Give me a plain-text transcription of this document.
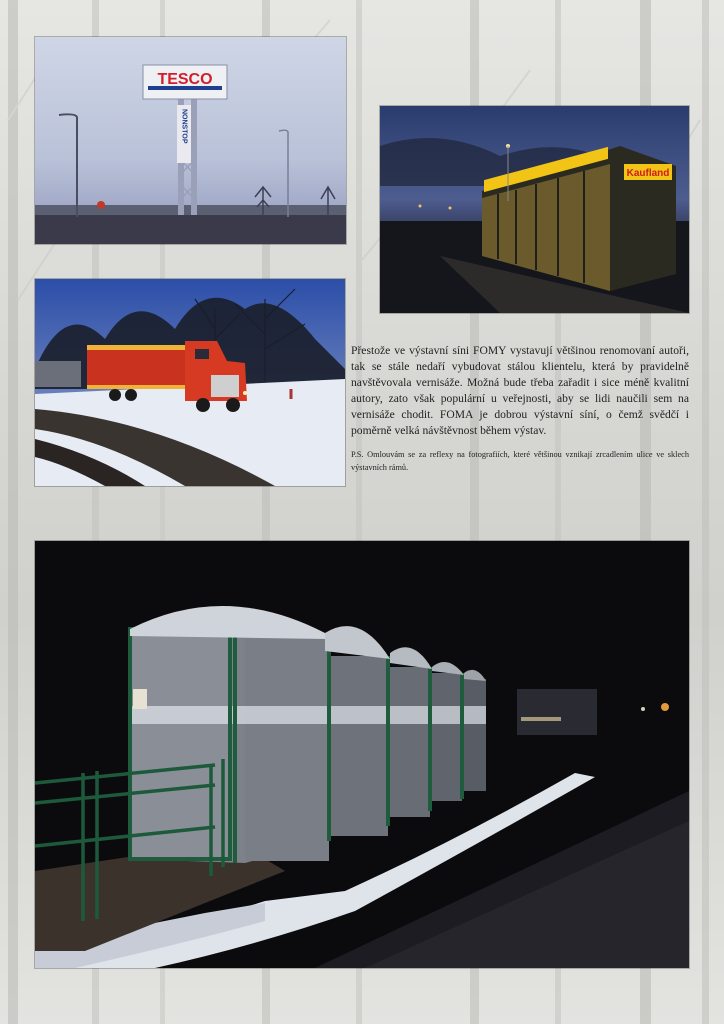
NONSTOP
TESCO
Kaufland

Přestože ve výstavní síni FOMY vystavují většinou renomovaní autoři, tak se stále nedaří vybudovat stálou klientelu, která by pravidelně navštěvovala vernisáže. Možná bude třeba zařadit i sice méně kvalitní autory, zato však populární u veřejnosti, aby se lidi naučili sem na vernisáže chodit. FOMA je dobrou výstavní síní, o čemž svědčí i poměrně velká návštěvnost během výstav.

P.S. Omlouvám se za reflexy na fotografiích, které většinou vznikají zrcadlením ulice ve sklech výstavních rámů.
